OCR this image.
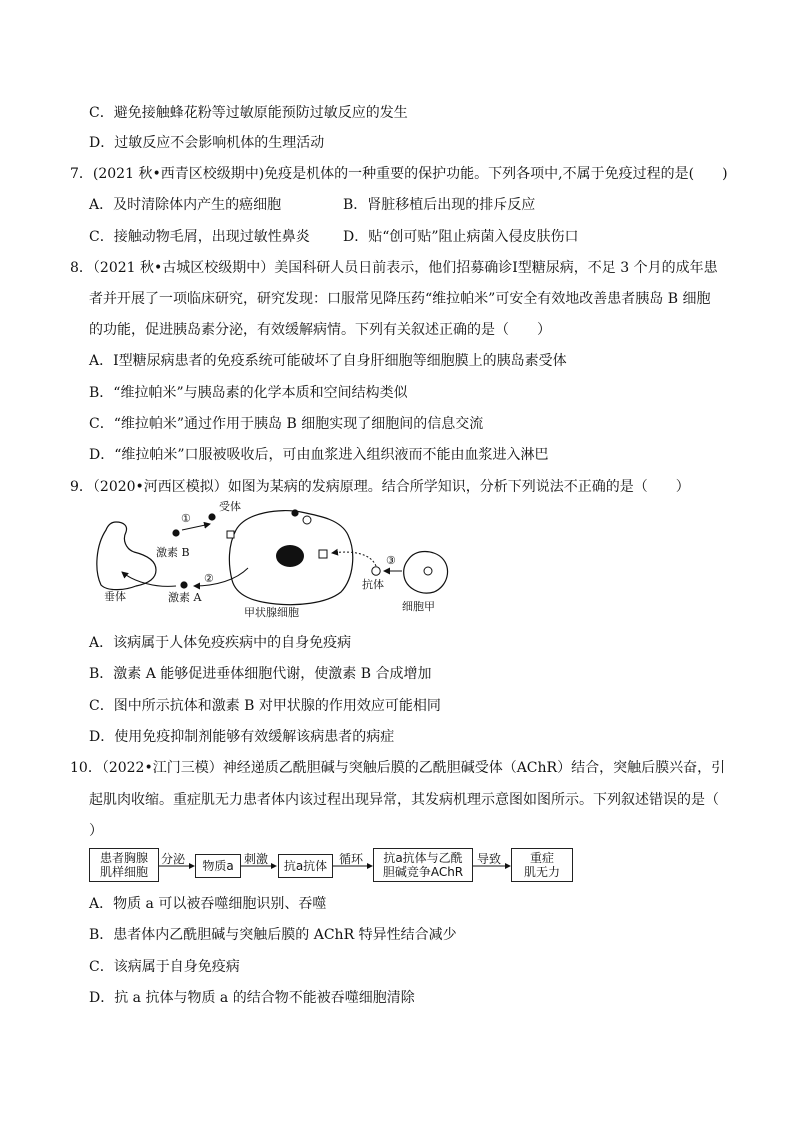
C．避免接触蜂花粉等过敏原能预防过敏反应的发生
D．过敏反应不会影响机体的生理活动
7．(2021 秋•西青区校级期中)免疫是机体的一种重要的保护功能。下列各项中,不属于免疫过程的是(　　)
A．及时清除体内产生的癌细胞	B．肾脏移植后出现的排斥反应
C．接触动物毛屑，出现过敏性鼻炎 D．贴“创可贴”阻止病菌入侵皮肤伤口
8．（2021 秋•古城区校级期中）美国科研人员日前表示，他们招募确诊Ⅰ型糖尿病，不足 3 个月的成年患
者并开展了一项临床研究，研究发现：口服常见降压药“维拉帕米”可安全有效地改善患者胰岛 B 细胞
的功能，促进胰岛素分泌，有效缓解病情。下列有关叙述正确的是（　　）
A．Ⅰ型糖尿病患者的免疫系统可能破坏了自身肝细胞等细胞膜上的胰岛素受体
B．“维拉帕米”与胰岛素的化学本质和空间结构类似
C．“维拉帕米”通过作用于胰岛 B 细胞实现了细胞间的信息交流
D．“维拉帕米”口服被吸收后，可由血浆进入组织液而不能由血浆进入淋巴
9．（2020•河西区模拟）如图为某病的发病原理。结合所学知识，分析下列说法不正确的是（　　）
垂体
激素 B
①
受体
甲状腺细胞
②
激素 A
抗体
③
细胞甲
A．该病属于人体免疫疾病中的自身免疫病
B．激素 A 能够促进垂体细胞代谢，使激素 B 合成增加
C．图中所示抗体和激素 B 对甲状腺的作用效应可能相同
D．使用免疫抑制剂能够有效缓解该病患者的病症
10．（2022•江门三模）神经递质乙酰胆碱与突触后膜的乙酰胆碱受体（AChR）结合，突触后膜兴奋，引
起肌肉收缩。重症肌无力患者体内该过程出现异常，其发病机理示意图如图所示。下列叙述错误的是（
）
患者胸腺
肌样细胞
分泌	物质a 刺激	抗a抗体 循环 抗a抗体与乙酰
胆碱竞争AChR
导致 重症
肌无力
A．物质 a 可以被吞噬细胞识别、吞噬
B．患者体内乙酰胆碱与突触后膜的 AChR 特异性结合减少
C．该病属于自身免疫病
D．抗 a 抗体与物质 a 的结合物不能被吞噬细胞清除
